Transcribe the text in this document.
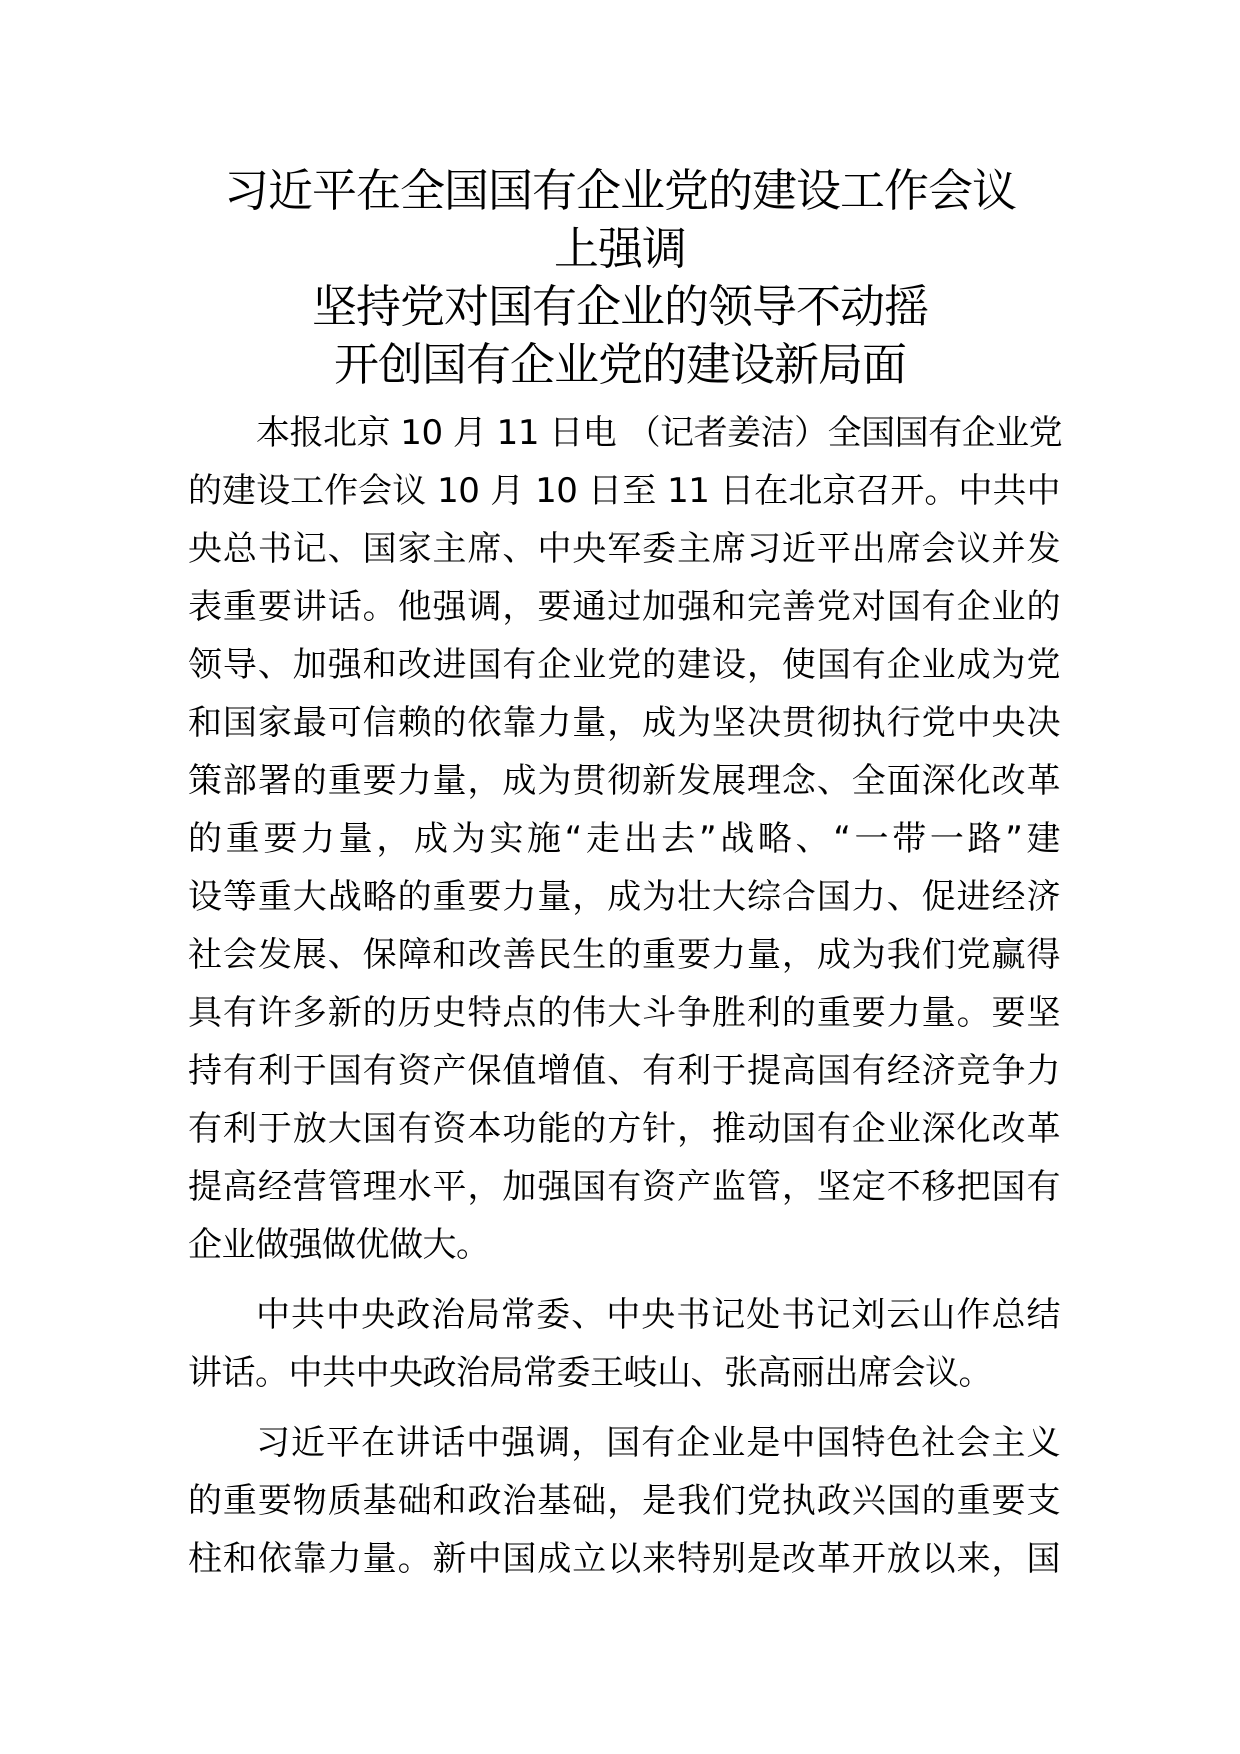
习近平在全国国有企业党的建设工作会议
上强调
坚持党对国有企业的领导不动摇
开创国有企业党的建设新局面
本报北京 10 月 11 日电 （记者姜洁）全国国有企业党
的建设工作会议 10 月 10 日至 11 日在北京召开。中共中
央总书记、国家主席、中央军委主席习近平出席会议并发
表重要讲话。他强调，要通过加强和完善党对国有企业的
领导、加强和改进国有企业党的建设，使国有企业成为党
和国家最可信赖的依靠力量，成为坚决贯彻执行党中央决
策部署的重要力量，成为贯彻新发展理念、全面深化改革
的重要力量，成为实施“走出去”战略、“一带一路”建
设等重大战略的重要力量，成为壮大综合国力、促进经济
社会发展、保障和改善民生的重要力量，成为我们党赢得
具有许多新的历史特点的伟大斗争胜利的重要力量。要坚
持有利于国有资产保值增值、有利于提高国有经济竞争力
有利于放大国有资本功能的方针，推动国有企业深化改革
提高经营管理水平，加强国有资产监管，坚定不移把国有
企业做强做优做大。
中共中央政治局常委、中央书记处书记刘云山作总结
讲话。中共中央政治局常委王岐山、张高丽出席会议。
习近平在讲话中强调，国有企业是中国特色社会主义
的重要物质基础和政治基础，是我们党执政兴国的重要支
柱和依靠力量。新中国成立以来特别是改革开放以来，国
